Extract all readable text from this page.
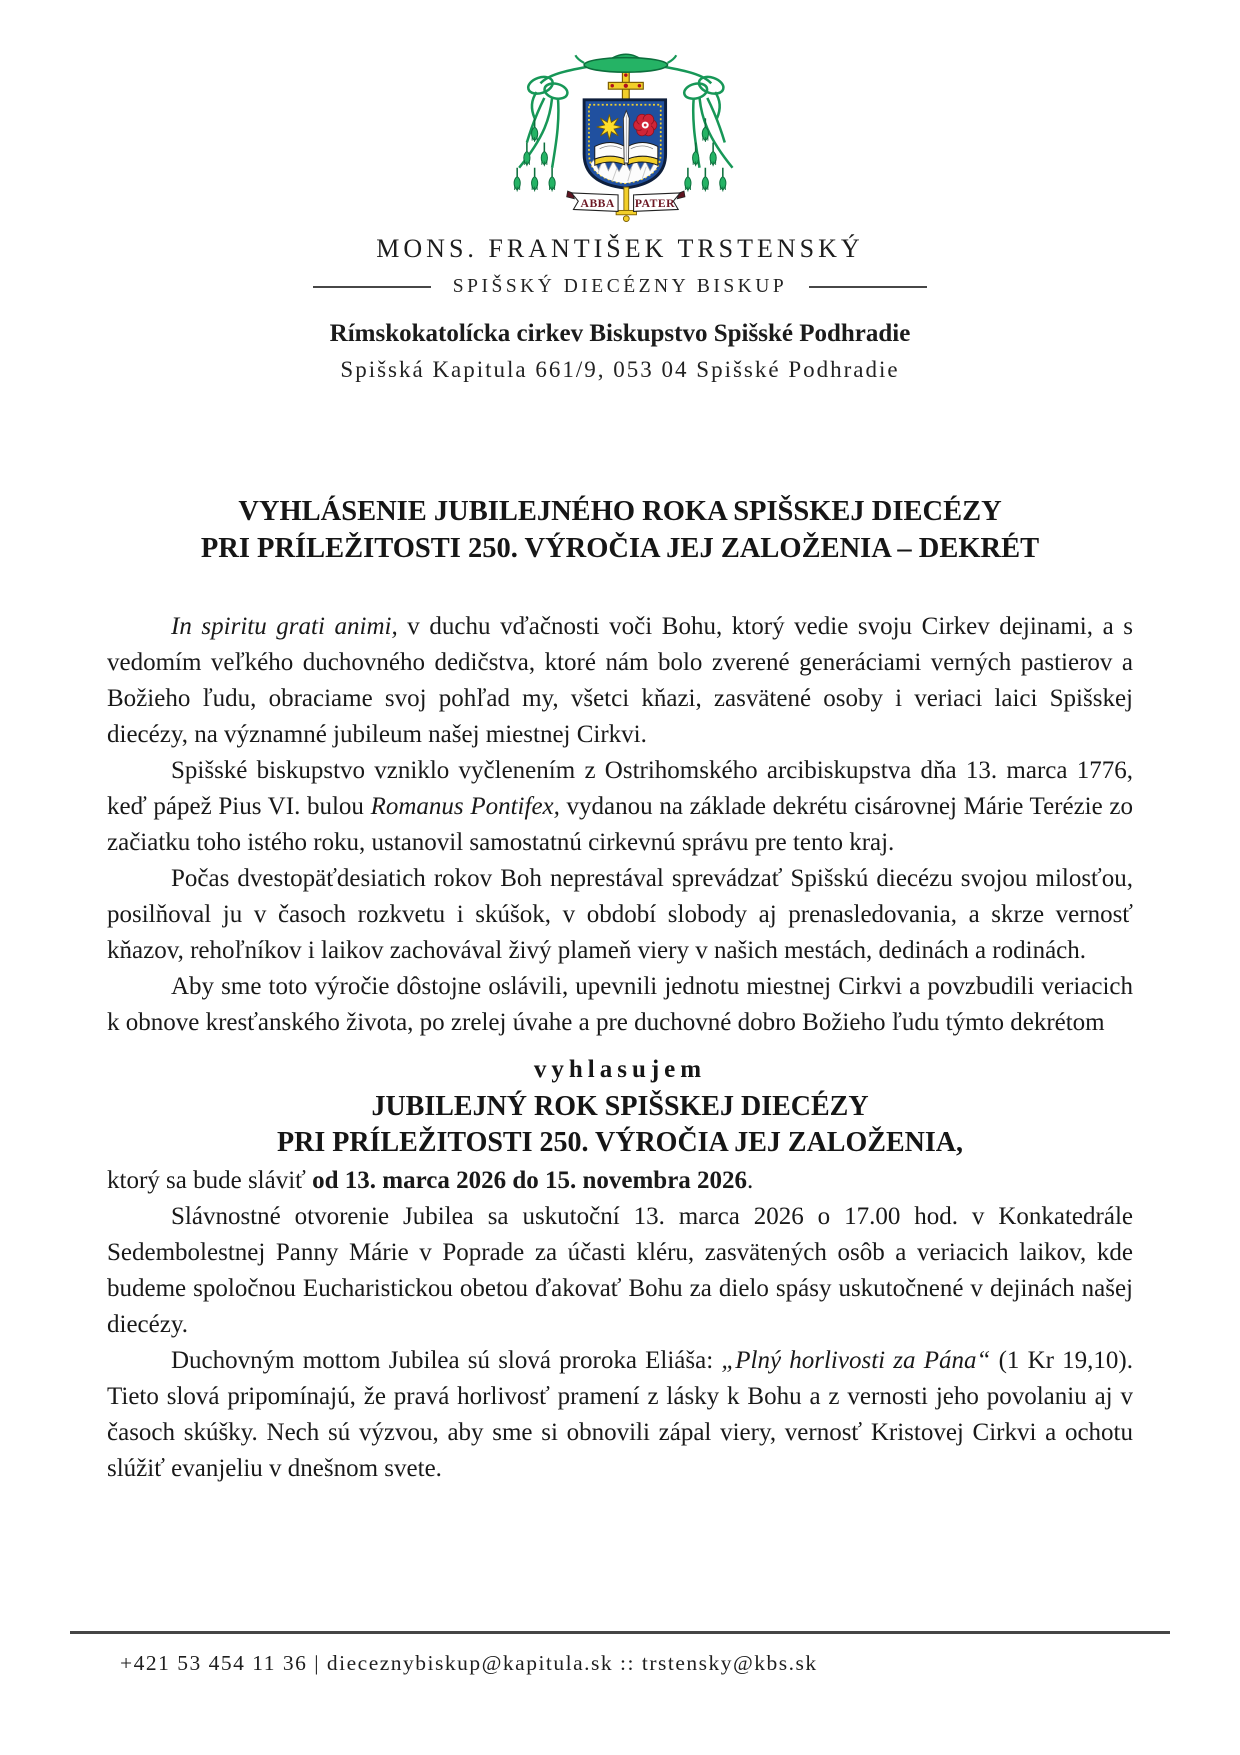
ABBA PATER
MONS. FRANTIŠEK TRSTENSKÝ
SPIŠSKÝ DIECÉZNY BISKUP
Rímskokatolícka cirkev Biskupstvo Spišské Podhradie
Spišská Kapitula 661/9, 053 04 Spišské Podhradie
VYHLÁSENIE JUBILEJNÉHO ROKA SPIŠSKEJ DIECÉZY
PRI PRÍLEŽITOSTI 250. VÝROČIA JEJ ZALOŽENIA – DEKRÉT

In spiritu grati animi, v duchu vďačnosti voči Bohu, ktorý vedie svoju Cirkev dejinami, a s vedomím veľkého duchovného dedičstva, ktoré nám bolo zverené generáciami verných pastierov a Božieho ľudu, obraciame svoj pohľad my, všetci kňazi, zasvätené osoby i veriaci laici Spišskej diecézy, na významné jubileum našej miestnej Cirkvi.

Spišské biskupstvo vzniklo vyčlenením z Ostrihomského arcibiskupstva dňa 13. marca 1776, keď pápež Pius VI. bulou Romanus Pontifex, vydanou na základe dekrétu cisárovnej Márie Terézie zo začiatku toho istého roku, ustanovil samostatnú cirkevnú správu pre tento kraj.

Počas dvestopäťdesiatich rokov Boh neprestával sprevádzať Spišskú diecézu svojou milosťou, posilňoval ju v časoch rozkvetu i skúšok, v období slobody aj prenasledovania, a skrze vernosť kňazov, rehoľníkov i laikov zachovával živý plameň viery v našich mestách, dedinách a rodinách.

Aby sme toto výročie dôstojne oslávili, upevnili jednotu miestnej Cirkvi a povzbudili veriacich k obnove kresťanského života, po zrelej úvahe a pre duchovné dobro Božieho ľudu týmto dekrétom

vyhlasujem
JUBILEJNÝ ROK SPIŠSKEJ DIECÉZY
PRI PRÍLEŽITOSTI 250. VÝROČIA JEJ ZALOŽENIA,

ktorý sa bude sláviť od 13. marca 2026 do 15. novembra 2026.

Slávnostné otvorenie Jubilea sa uskutoční 13. marca 2026 o 17.00 hod. v Konkatedrále Sedembolestnej Panny Márie v Poprade za účasti kléru, zasvätených osôb a veriacich laikov, kde budeme spoločnou Eucharistickou obetou ďakovať Bohu za dielo spásy uskutočnené v dejinách našej diecézy.

Duchovným mottom Jubilea sú slová proroka Eliáša: „Plný horlivosti za Pána“ (1 Kr 19,10). Tieto slová pripomínajú, že pravá horlivosť pramení z lásky k Bohu a z vernosti jeho povolaniu aj v časoch skúšky. Nech sú výzvou, aby sme si obnovili zápal viery, vernosť Kristovej Cirkvi a ochotu slúžiť evanjeliu v dnešnom svete.

+421 53 454 11 36 | dieceznybiskup@kapitula.sk :: trstensky@kbs.sk
